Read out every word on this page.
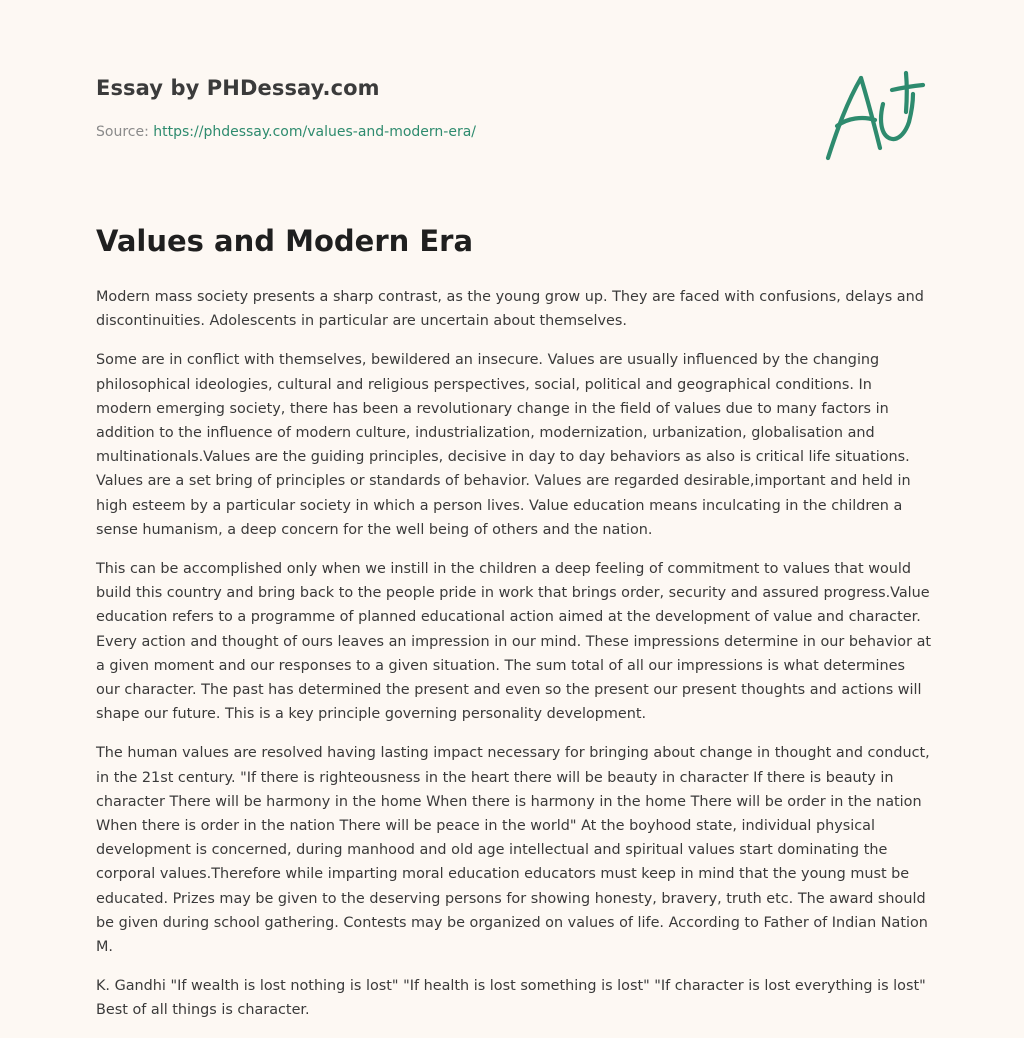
Essay by PHDessay.com

Source: https://phdessay.com/values-and-modern-era/

Values and Modern Era

Modern mass society presents a sharp contrast, as the young grow up. They are faced with confusions, delays and discontinuities. Adolescents in particular are uncertain about themselves.

Some are in conflict with themselves, bewildered an insecure. Values are usually influenced by the changing philosophical ideologies, cultural and religious perspectives, social, political and geographical conditions. In modern emerging society, there has been a revolutionary change in the field of values due to many factors in addition to the influence of modern culture, industrialization, modernization, urbanization, globalisation and multinationals.Values are the guiding principles, decisive in day to day behaviors as also is critical life situations. Values are a set bring of principles or standards of behavior. Values are regarded desirable,important and held in high esteem by a particular society in which a person lives. Value education means inculcating in the children a sense humanism, a deep concern for the well being of others and the nation.

This can be accomplished only when we instill in the children a deep feeling of commitment to values that would build this country and bring back to the people pride in work that brings order, security and assured progress.Value education refers to a programme of planned educational action aimed at the development of value and character. Every action and thought of ours leaves an impression in our mind. These impressions determine in our behavior at a given moment and our responses to a given situation. The sum total of all our impressions is what determines our character. The past has determined the present and even so the present our present thoughts and actions will shape our future. This is a key principle governing personality development.

The human values are resolved having lasting impact necessary for bringing about change in thought and conduct, in the 21st century. "If there is righteousness in the heart there will be beauty in character If there is beauty in character There will be harmony in the home When there is harmony in the home There will be order in the nation When there is order in the nation There will be peace in the world" At the boyhood state, individual physical development is concerned, during manhood and old age intellectual and spiritual values start dominating the corporal values.Therefore while imparting moral education educators must keep in mind that the young must be educated. Prizes may be given to the deserving persons for showing honesty, bravery, truth etc. The award should be given during school gathering. Contests may be organized on values of life. According to Father of Indian Nation M.

K. Gandhi "If wealth is lost nothing is lost" "If health is lost something is lost" "If character is lost everything is lost" Best of all things is character.
